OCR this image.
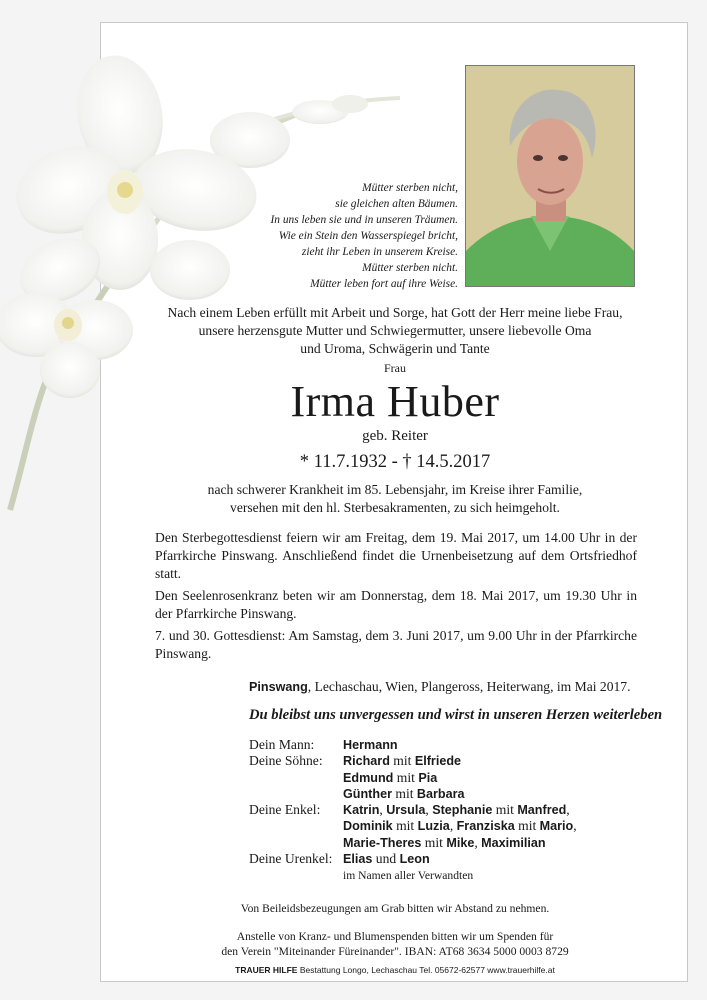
Mütter sterben nicht,
sie gleichen alten Bäumen.
In uns leben sie und in unseren Träumen.
Wie ein Stein den Wasserspiegel bricht,
zieht ihr Leben in unserem Kreise.
Mütter sterben nicht.
Mütter leben fort auf ihre Weise.
Nach einem Leben erfüllt mit Arbeit und Sorge, hat Gott der Herr meine liebe Frau,
unsere herzensgute Mutter und Schwiegermutter, unsere liebevolle Oma
und Uroma, Schwägerin und Tante
Frau
Irma Huber
geb. Reiter
* 11.7.1932 - † 14.5.2017
nach schwerer Krankheit im 85. Lebensjahr, im Kreise ihrer Familie,
versehen mit den hl. Sterbesakramenten, zu sich heimgeholt.
Den Sterbegottesdienst feiern wir am Freitag, dem 19. Mai 2017, um 14.00 Uhr in der Pfarrkirche Pinswang. Anschließend findet die Urnenbeisetzung auf dem Ortsfriedhof statt.
Den Seelenrosenkranz beten wir am Donnerstag, dem 18. Mai 2017, um 19.30 Uhr in der Pfarrkirche Pinswang.
7. und 30. Gottesdienst: Am Samstag, dem 3. Juni 2017, um 9.00 Uhr in der Pfarrkirche Pinswang.
Pinswang, Lechaschau, Wien, Plangeross, Heiterwang, im Mai 2017.
Du bleibst uns unvergessen und wirst in unseren Herzen weiterleben
Dein Mann: Hermann
Deine Söhne: Richard mit Elfriede
Edmund mit Pia
Günther mit Barbara
Deine Enkel: Katrin, Ursula, Stephanie mit Manfred,
Dominik mit Luzia, Franziska mit Mario,
Marie-Theres mit Mike, Maximilian
Deine Urenkel: Elias und Leon
im Namen aller Verwandten
Von Beileidsbezeugungen am Grab bitten wir Abstand zu nehmen.
Anstelle von Kranz- und Blumenspenden bitten wir um Spenden für
den Verein "Miteinander Füreinander". IBAN: AT68 3634 5000 0003 8729
TRAUER HILFE Bestattung Longo, Lechaschau Tel. 05672-62577 www.trauerhilfe.at
